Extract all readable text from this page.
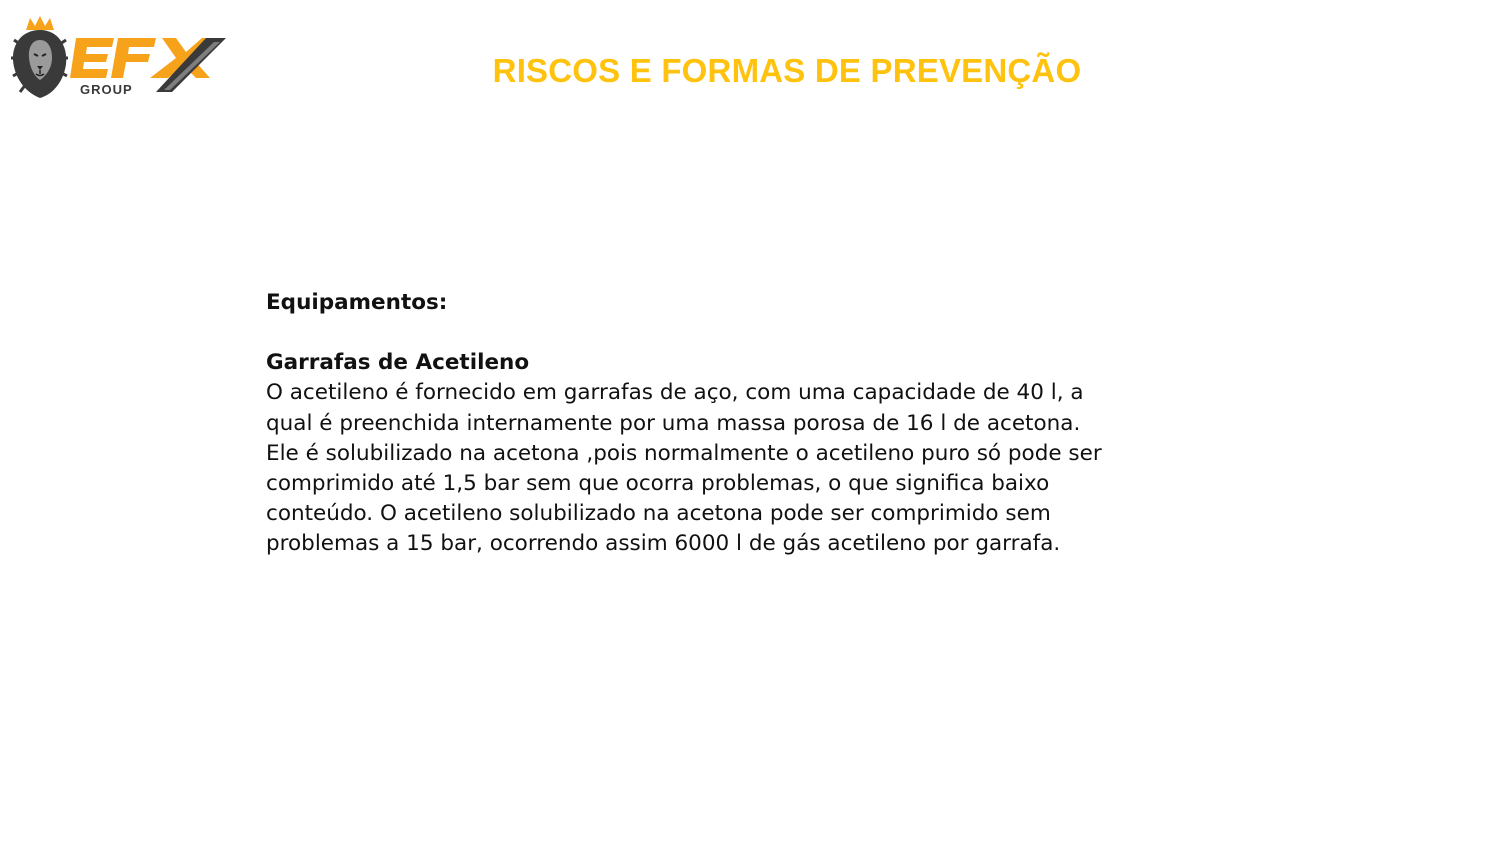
GROUP
RISCOS E FORMAS DE PREVENÇÃO

Equipamentos:

Garrafas de Acetileno

O acetileno é fornecido em garrafas de aço, com uma capacidade de 40 l, a

qual é preenchida internamente por uma massa porosa de 16 l de acetona.

Ele é solubilizado na acetona ,pois normalmente o acetileno puro só pode ser

comprimido até 1,5 bar sem que ocorra problemas, o que significa baixo

conteúdo. O acetileno solubilizado na acetona pode ser comprimido sem

problemas a 15 bar, ocorrendo assim 6000 l de gás acetileno por garrafa.
